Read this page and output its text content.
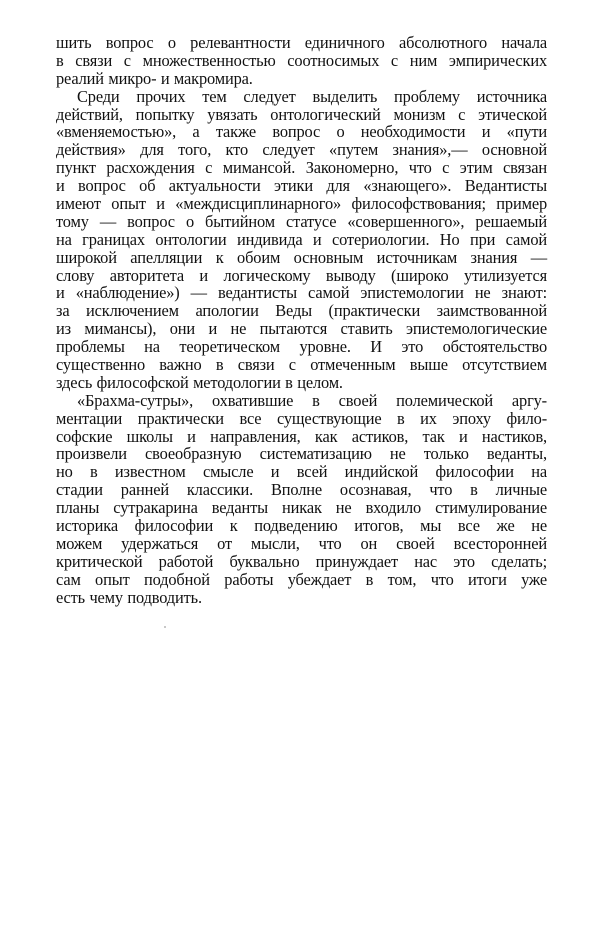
шить вопрос о релевантности единичного абсолютного начала
в связи с множественностью соотносимых с ним эмпирических
реалий микро- и макромира.

Среди прочих тем следует выделить проблему источника
действий, попытку увязать онтологический монизм с этической
«вменяемостью», а также вопрос о необходимости и «пути
действия» для того, кто следует «путем знания»,— основной
пункт расхождения с мимансой. Закономерно, что с этим связан
и вопрос об актуальности этики для «знающего». Ведантисты
имеют опыт и «междисциплинарного» философствования; пример
тому — вопрос о бытийном статусе «совершенного», решаемый
на границах онтологии индивида и сотериологии. Но при самой
широкой апелляции к обоим основным источникам знания —
слову авторитета и логическому выводу (широко утилизуется
и «наблюдение») — ведантисты самой эпистемологии не знают:
за исключением апологии Веды (практически заимствованной
из мимансы), они и не пытаются ставить эпистемологические
проблемы на теоретическом уровне. И это обстоятельство
существенно важно в связи с отмеченным выше отсутствием
здесь философской методологии в целом.

«Брахма-сутры», охватившие в своей полемической аргу-
ментации практически все существующие в их эпоху фило-
софские школы и направления, как астиков, так и настиков,
произвели своеобразную систематизацию не только веданты,
но в известном смысле и всей индийской философии на
стадии ранней классики. Вполне осознавая, что в личные
планы сутракарина веданты никак не входило стимулирование
историка философии к подведению итогов, мы все же не
можем удержаться от мысли, что он своей всесторонней
критической работой буквально принуждает нас это сделать;
сам опыт подобной работы убеждает в том, что итоги уже
есть чему подводить.
